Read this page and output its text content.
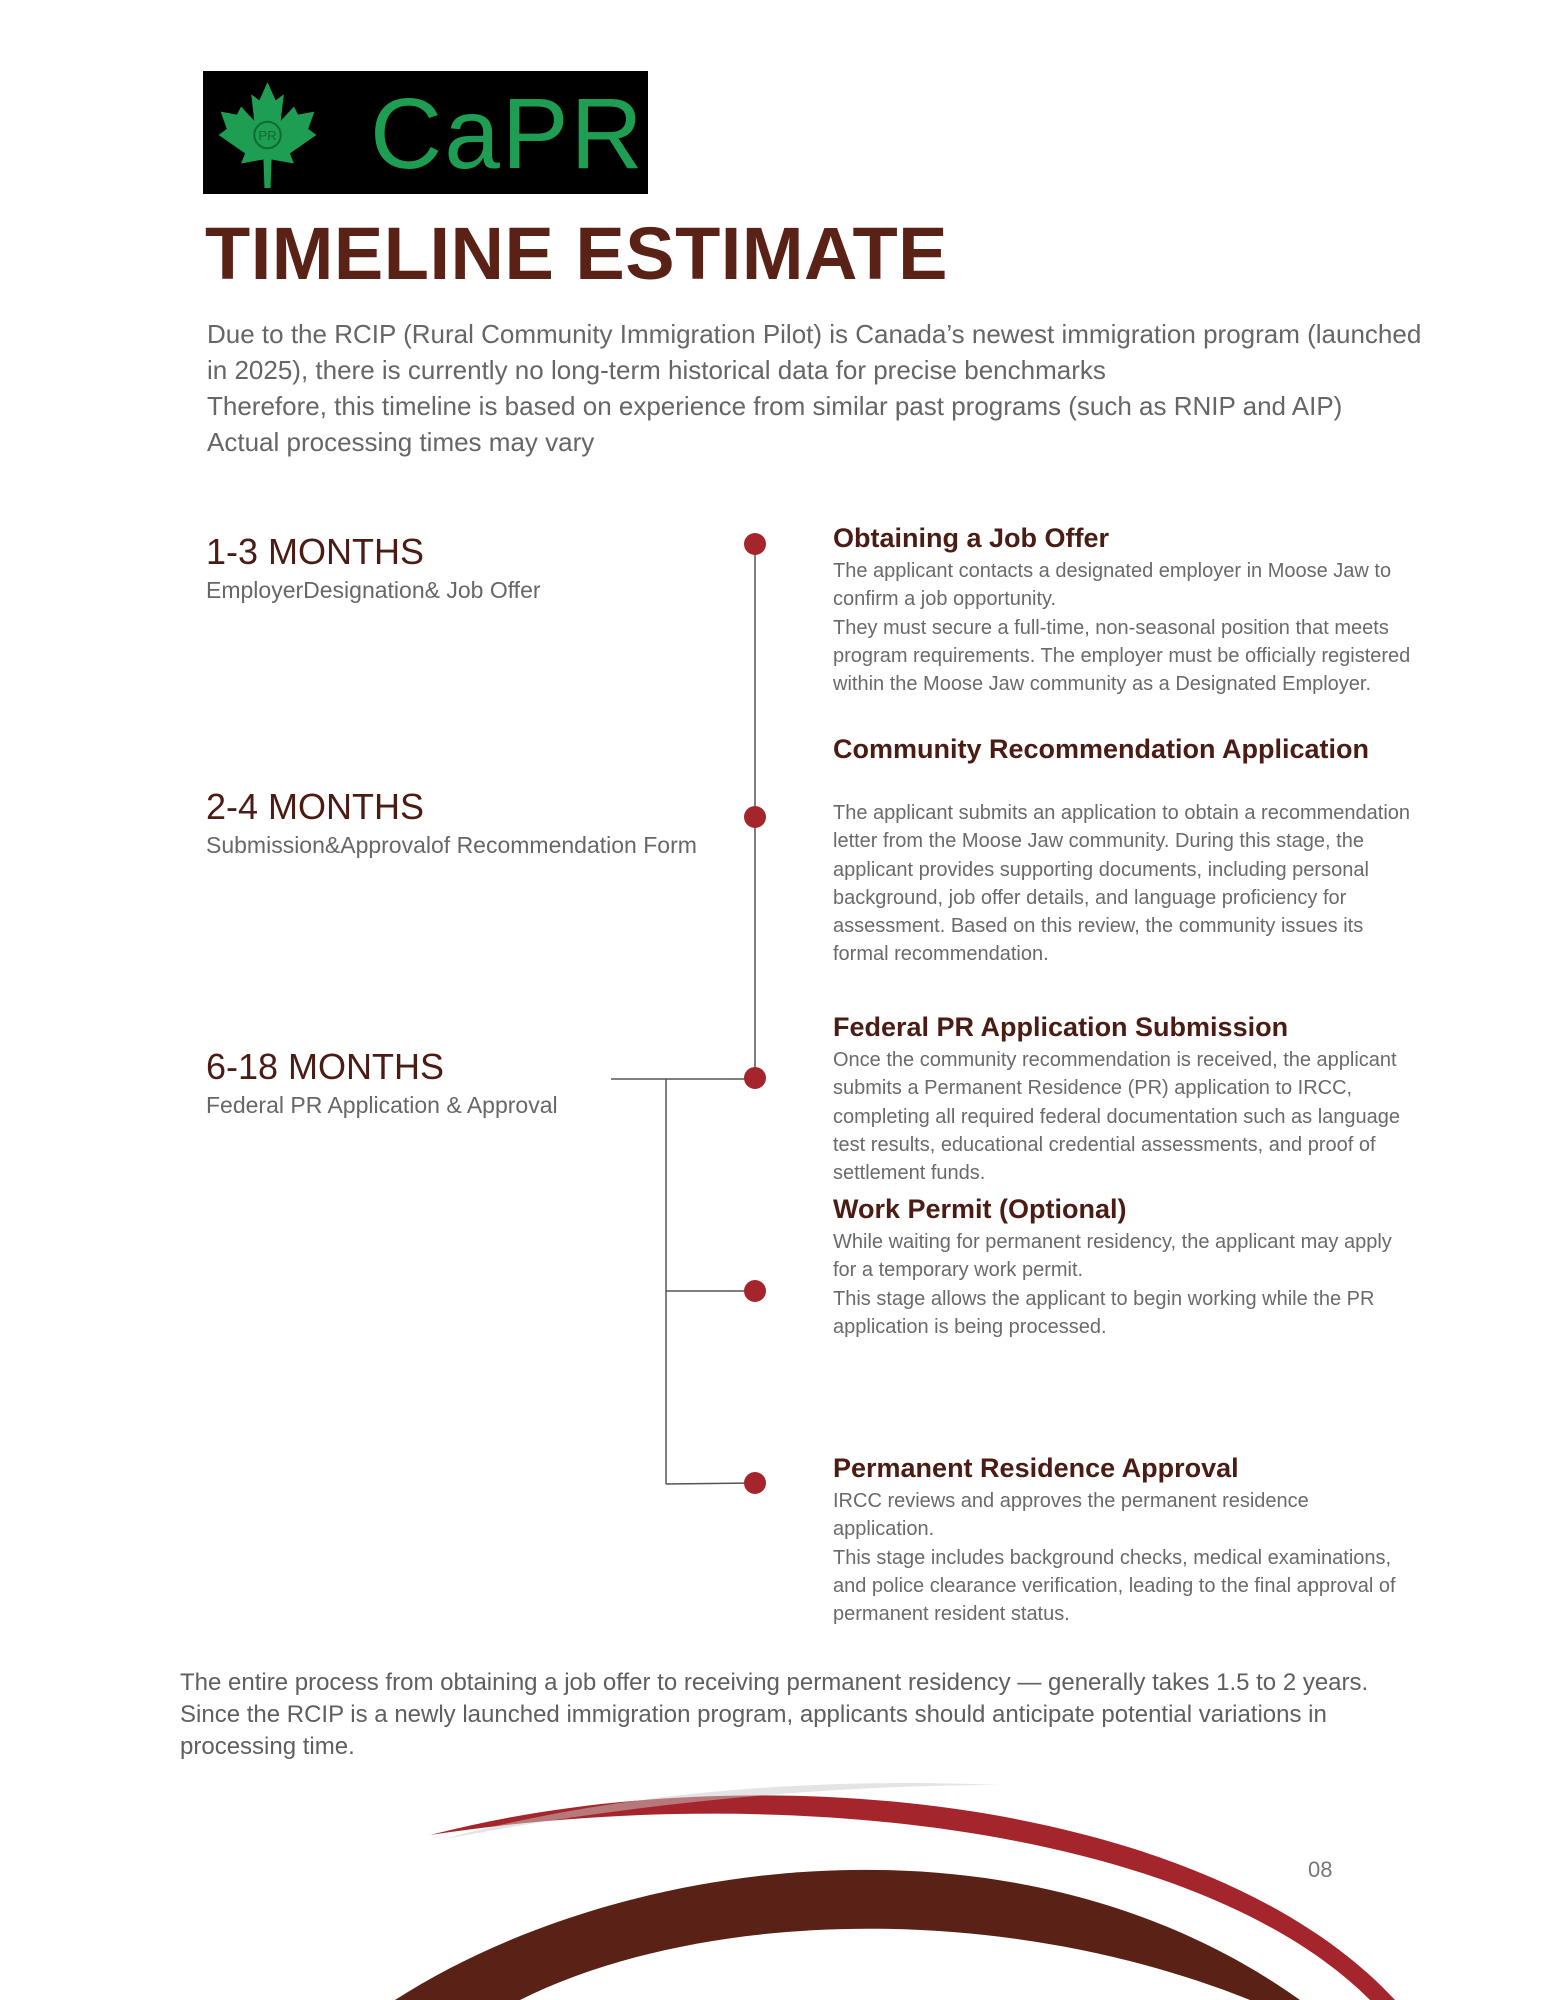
PR CaPR
TIMELINE ESTIMATE

Due to the RCIP (Rural Community Immigration Pilot) is Canada’s newest immigration program (launched in 2025), there is currently no long-term historical data for precise benchmarks

Therefore, this timeline is based on experience from similar past programs (such as RNIP and AIP)

Actual processing times may vary

1-3 MONTHS
EmployerDesignation& Job Offer
2-4 MONTHS
Submission&Approvalof Recommendation Form
6-18 MONTHS
Federal PR Application & Approval
Obtaining a Job Offer

The applicant contacts a designated employer in Moose Jaw to confirm a job opportunity.

They must secure a full-time, non-seasonal position that meets program requirements. The employer must be officially registered within the Moose Jaw community as a Designated Employer.

Community Recommendation Application

The applicant submits an application to obtain a recommendation letter from the Moose Jaw community. During this stage, the applicant provides supporting documents, including personal background, job offer details, and language proficiency for assessment. Based on this review, the community issues its formal recommendation.

Federal PR Application Submission

Once the community recommendation is received, the applicant submits a Permanent Residence (PR) application to IRCC, completing all required federal documentation such as language test results, educational credential assessments, and proof of settlement funds.

Work Permit (Optional)

While waiting for permanent residency, the applicant may apply for a temporary work permit.

This stage allows the applicant to begin working while the PR application is being processed.

Permanent Residence Approval

IRCC reviews and approves the permanent residence application.

This stage includes background checks, medical examinations, and police clearance verification, leading to the final approval of permanent resident status.

The entire process from obtaining a job offer to receiving permanent residency — generally takes 1.5 to 2 years.

Since the RCIP is a newly launched immigration program, applicants should anticipate potential variations in processing time.

08
